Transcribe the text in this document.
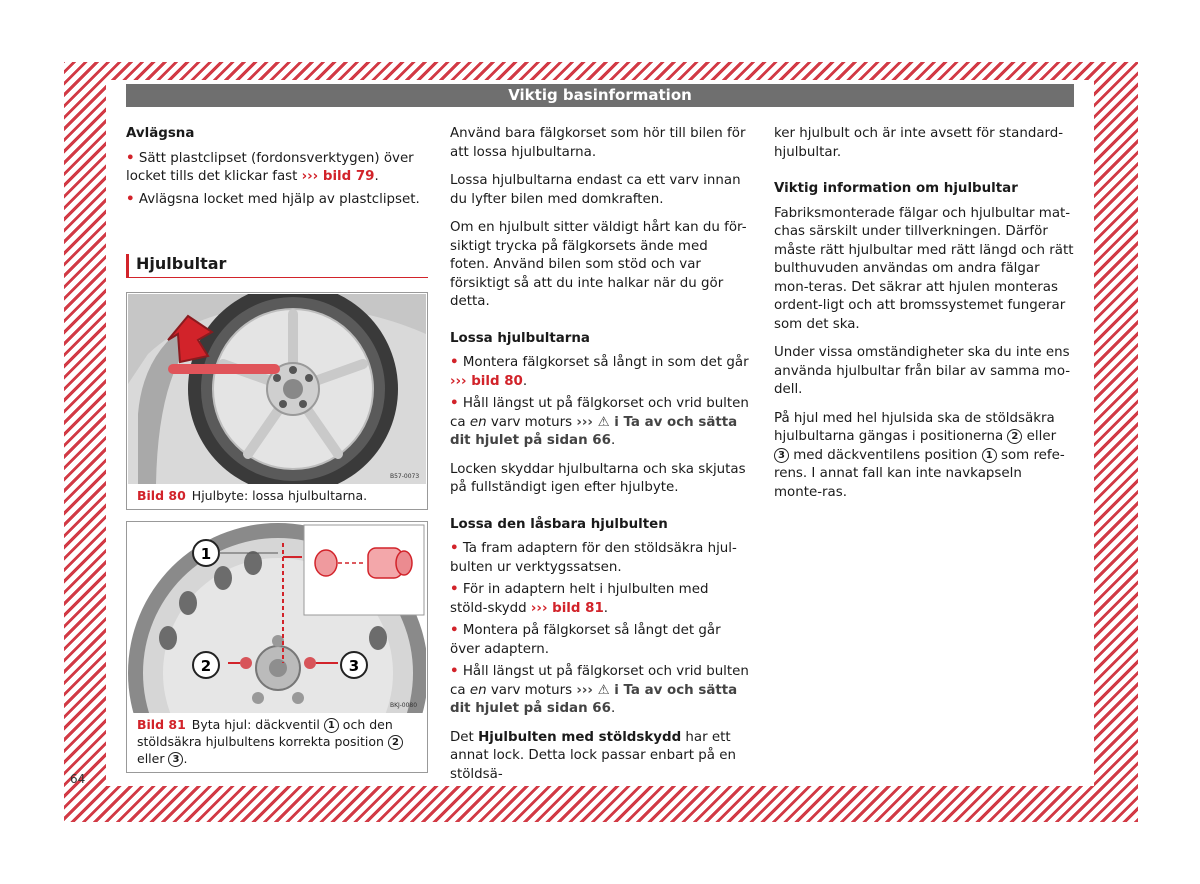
Viktig basinformation
Avlägsna

• Sätt plastclipset (fordonsverktygen) över locket tills det klickar fast ››› bild 79.

• Avlägsna locket med hjälp av plastclipset.

Hjulbultar
B57-0073
Bild 80 Hjulbyte: lossa hjulbultarna.
1
2	3
BKJ-0080
Bild 81 Byta hjul: däckventil 1 och den stöldsäkra hjulbultens korrekta position 2 eller 3 .

Använd bara fälgkorset som hör till bilen för att lossa hjulbultarna.

Lossa hjulbultarna endast ca ett varv innan du lyfter bilen med domkraften.

Om en hjulbult sitter väldigt hårt kan du för-siktigt trycka på fälgkorsets ände med foten. Använd bilen som stöd och var försiktigt så att du inte halkar när du gör detta.

Lossa hjulbultarna

• Montera fälgkorset så långt in som det går ››› bild 80.

• Håll längst ut på fälgkorset och vrid bulten ca en varv moturs ››› ⚠ i Ta av och sätta dit hjulet på sidan 66.

Locken skyddar hjulbultarna och ska skjutas på fullständigt igen efter hjulbyte.

Lossa den låsbara hjulbulten

• Ta fram adaptern för den stöldsäkra hjul-bulten ur verktygssatsen.

• För in adaptern helt i hjulbulten med stöld-skydd ››› bild 81.

• Montera på fälgkorset så långt det går över adaptern.

• Håll längst ut på fälgkorset och vrid bulten ca en varv moturs ››› ⚠ i Ta av och sätta dit hjulet på sidan 66.

Det Hjulbulten med stöldskydd har ett annat lock. Detta lock passar enbart på en stöldsä-

ker hjulbult och är inte avsett för standard-hjulbultar.

Viktig information om hjulbultar

Fabriksmonterade fälgar och hjulbultar mat-chas särskilt under tillverkningen. Därför måste rätt hjulbultar med rätt längd och rätt bulthuvuden användas om andra fälgar mon-teras. Det säkrar att hjulen monteras ordent-ligt och att bromssystemet fungerar som det ska.

Under vissa omständigheter ska du inte ens använda hjulbultar från bilar av samma mo-dell.

På hjul med hel hjulsida ska de stöldsäkra hjulbultarna gängas i positionerna 2 eller 3 med däckventilens position 1 som refe-rens. I annat fall kan inte navkapseln monte-ras.

64
